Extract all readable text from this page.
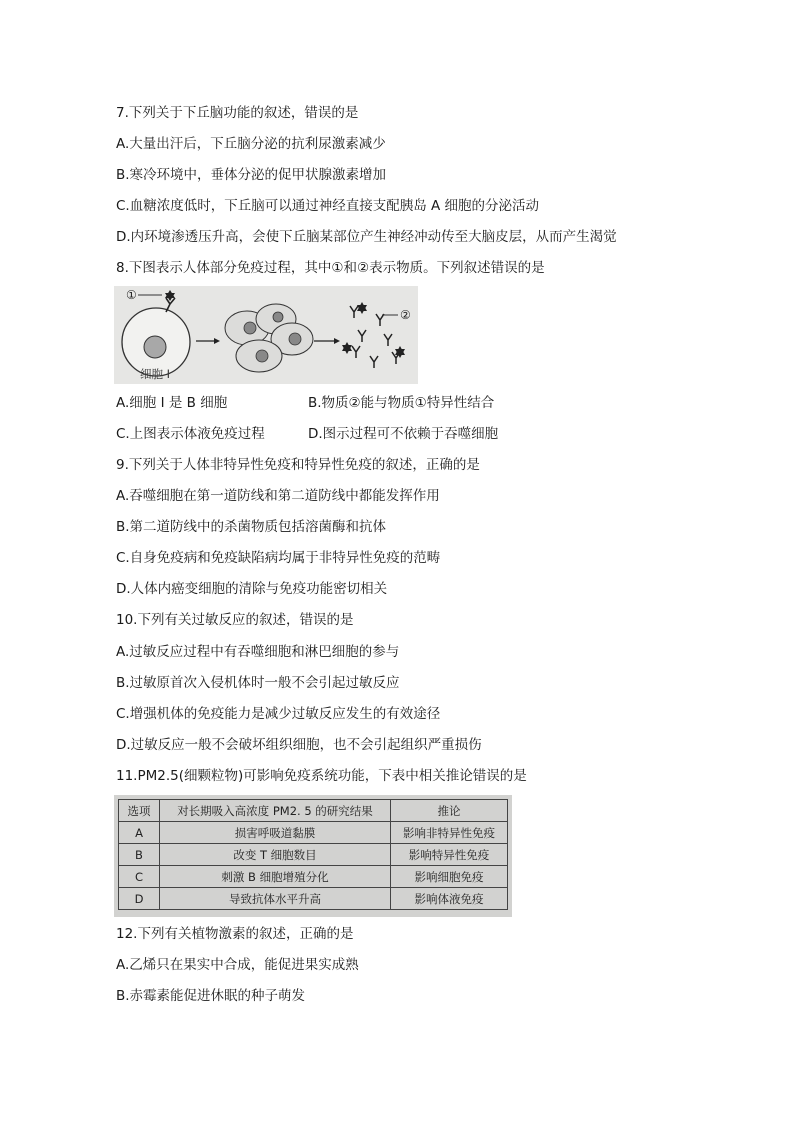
7.下列关于下丘脑功能的叙述，错误的是
A.大量出汗后，下丘脑分泌的抗利尿激素减少
B.寒冷环境中，垂体分泌的促甲状腺激素增加
C.血糖浓度低时，下丘脑可以通过神经直接支配胰岛 A 细胞的分泌活动
D.内环境渗透压升高，会使下丘脑某部位产生神经冲动传至大脑皮层，从而产生渴觉
8.下图表示人体部分免疫过程，其中①和②表示物质。下列叙述错误的是
①
细胞 Ⅰ
②
A.细胞 Ⅰ 是 B 细胞	B.物质②能与物质①特异性结合
C.上图表示体液免疫过程	D.图示过程可不依赖于吞噬细胞
9.下列关于人体非特异性免疫和特异性免疫的叙述，正确的是
A.吞噬细胞在第一道防线和第二道防线中都能发挥作用
B.第二道防线中的杀菌物质包括溶菌酶和抗体
C.自身免疫病和免疫缺陷病均属于非特异性免疫的范畴
D.人体内癌变细胞的清除与免疫功能密切相关
10.下列有关过敏反应的叙述，错误的是
A.过敏反应过程中有吞噬细胞和淋巴细胞的参与
B.过敏原首次入侵机体时一般不会引起过敏反应
C.增强机体的免疫能力是减少过敏反应发生的有效途径
D.过敏反应一般不会破坏组织细胞，也不会引起组织严重损伤
11.PM2.5(细颗粒物)可影响免疫系统功能，下表中相关推论错误的是
选项	对长期吸入高浓度 PM2. 5 的研究结果	推论
A	损害呼吸道黏膜	影响非特异性免疫
B	改变 T 细胞数目	影响特异性免疫
C	刺激 B 细胞增殖分化	影响细胞免疫
D	导致抗体水平升高	影响体液免疫
12.下列有关植物激素的叙述，正确的是
A.乙烯只在果实中合成，能促进果实成熟
B.赤霉素能促进休眠的种子萌发
